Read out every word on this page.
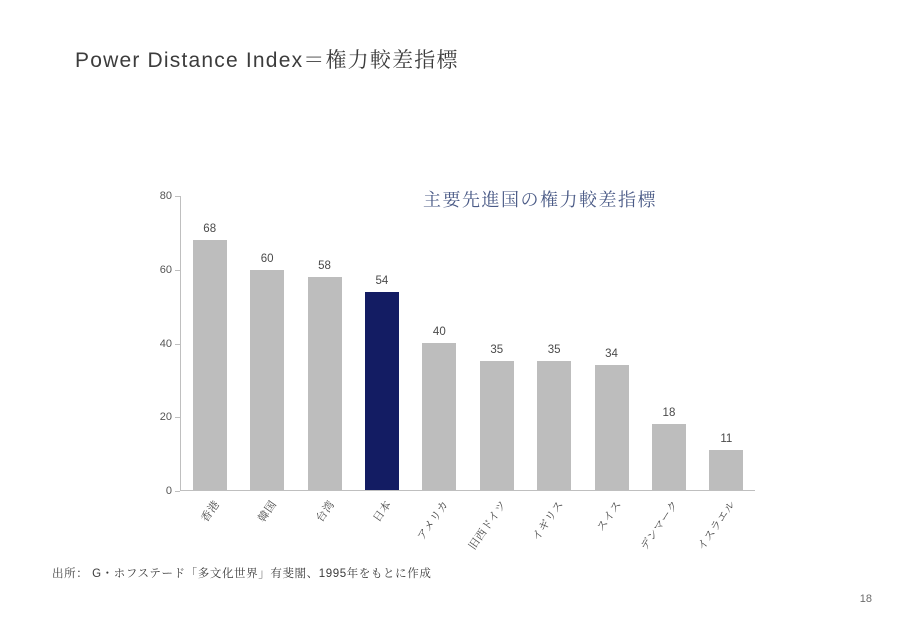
Power Distance Index＝権力較差指標
主要先進国の権力較差指標
0
20
40
60
80
68
60
58
54
40
35	35	34
18
11
香港	韓国	台湾	日本 アメリカ 旧西ドイツ イギリス	スイス デンマーク イスラエル
出所： G・ホフステード「多文化世界」有斐閣、1995年をもとに作成
18
